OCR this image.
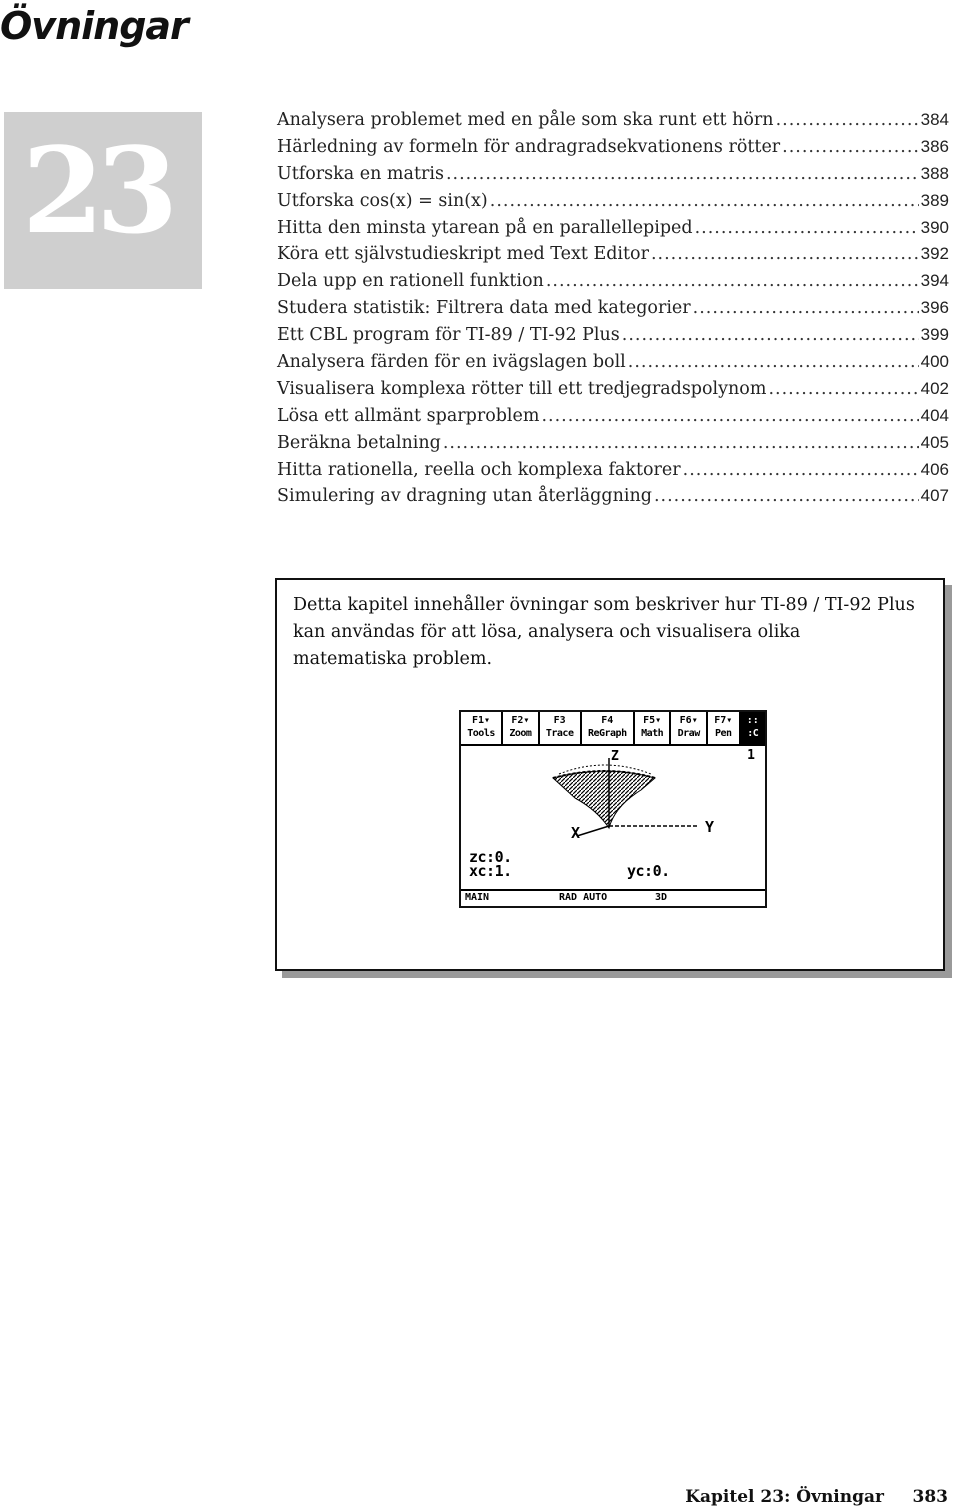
Övningar
23
Analysera problemet med en påle som ska runt ett hörn .....	384
Härledning av formeln för andragradsekvationens rötter .....	386
Utforska en matris .....	388
Utforska cos(x) = sin(x) .....	389
Hitta den minsta ytarean på en parallellepiped .....	390
Köra ett självstudieskript med Text Editor .....	392
Dela upp en rationell funktion .....	394
Studera statistik: Filtrera data med kategorier .....	396
Ett CBL program för TI-89 / TI-92 Plus .....	399
Analysera färden för en ivägslagen boll .....	400
Visualisera komplexa rötter till ett tredjegradspolynom .....	402
Lösa ett allmänt sparproblem .....	404
Beräkna betalning .....	405
Hitta rationella, reella och komplexa faktorer .....	406
Simulering av dragning utan återläggning .....	407
Detta kapitel innehåller övningar som beskriver hur TI-89 / TI-92 Plus
kan användas för att lösa, analysera och visualisera olika
matematiska problem.
F1▾
Tools
F2▾
Zoom
F3
Trace
F4
ReGraph
F5▾
Math
F6▾
Draw
F7▾
Pen
::
:C
1
Z
Y
X
zc:0.
xc:1.	yc:0.
MAIN	RAD AUTO	3D
Kapitel 23: Övningar 383
